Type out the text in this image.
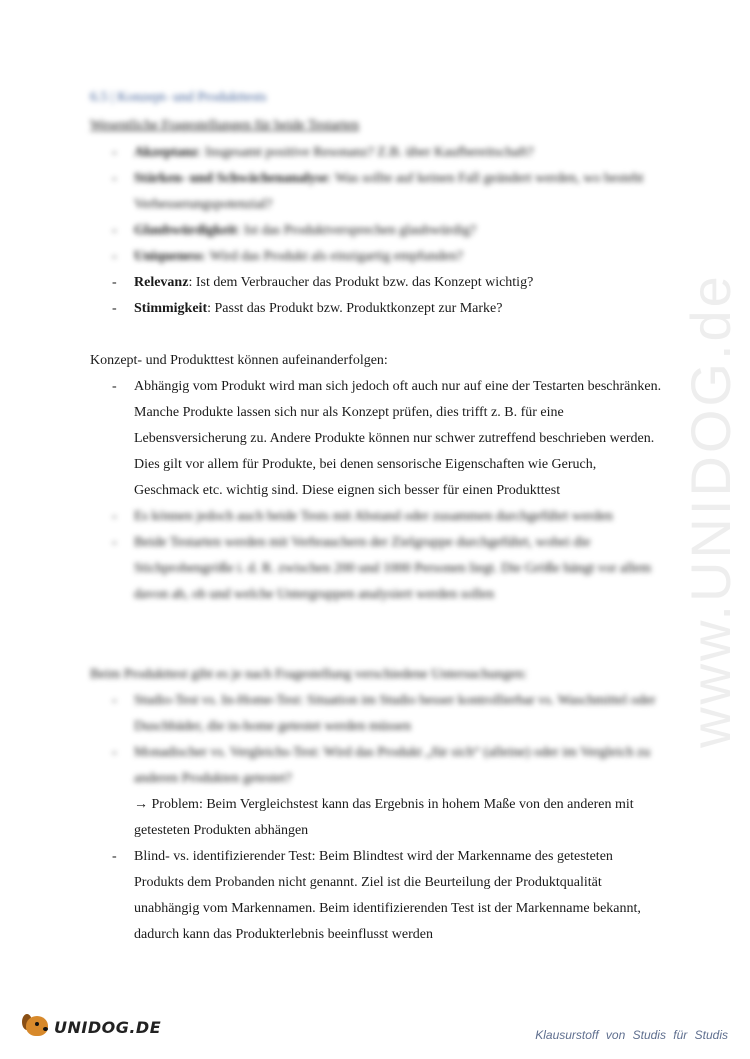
6.5 | Konzept- und Produkttests
Wesentliche Fragestellungen für beide Testarten
- Akzeptanz: Insgesamt positive Resonanz? Z.B. über Kaufbereitschaft?
- Stärken- und Schwächenanalyse: Was sollte auf keinen Fall geändert werden, wo besteht Verbesserungspotenzial?
- Glaubwürdigkeit: Ist das Produktversprechen glaubwürdig?
- Uniqueness: Wird das Produkt als einzigartig empfunden?
- Relevanz: Ist dem Verbraucher das Produkt bzw. das Konzept wichtig?
- Stimmigkeit: Passt das Produkt bzw. Produktkonzept zur Marke?
Konzept- und Produkttest können aufeinanderfolgen:
- Abhängig vom Produkt wird man sich jedoch oft auch nur auf eine der Testarten beschränken. Manche Produkte lassen sich nur als Konzept prüfen, dies trifft z. B. für eine Lebensversicherung zu. Andere Produkte können nur schwer zutreffend beschrieben werden. Dies gilt vor allem für Produkte, bei denen sensorische Eigenschaften wie Geruch, Geschmack etc. wichtig sind. Diese eignen sich besser für einen Produkttest
- Es können jedoch auch beide Tests mit Abstand oder zusammen durchgeführt werden
- Beide Testarten werden mit Verbrauchern der Zielgruppe durchgeführt, wobei die Stichprobengröße i. d. R. zwischen 200 und 1000 Personen liegt. Die Größe hängt vor allem davon ab, ob und welche Untergruppen analysiert werden sollen
Beim Produkttest gibt es je nach Fragestellung verschiedene Untersuchungen:
- Studio-Test vs. In-Home-Test: Situation im Studio besser kontrollierbar vs. Waschmittel oder Duschbäder, die in-home getestet werden müssen
- Monadischer vs. Vergleichs-Test: Wird das Produkt „für sich“ (alleine) oder im Vergleich zu anderen Produkten getestet?
→ Problem: Beim Vergleichstest kann das Ergebnis in hohem Maße von den anderen mit getesteten Produkten abhängen
- Blind- vs. identifizierender Test: Beim Blindtest wird der Markenname des getesteten Produkts dem Probanden nicht genannt. Ziel ist die Beurteilung der Produktqualität unabhängig vom Markennamen. Beim identifizierenden Test ist der Markenname bekannt, dadurch kann das Produkterlebnis beeinflusst werden
www.UNIDOG.de
UNIDOG.DE	Klausurstoff von Studis für Studis
